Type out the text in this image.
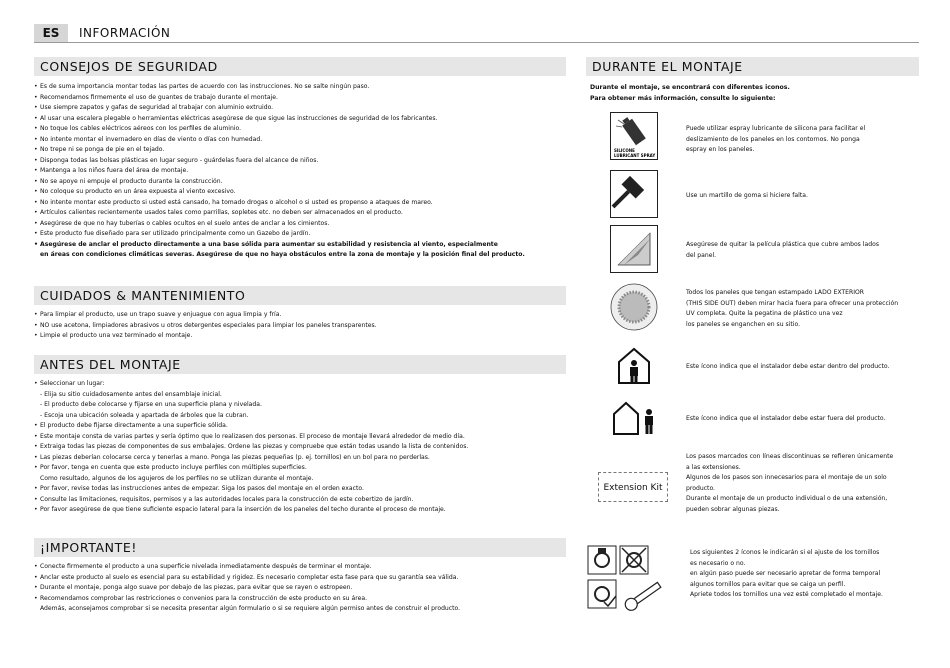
ES	INFORMACIÓN
CONSEJOS DE SEGURIDAD
• Es de suma importancia montar todas las partes de acuerdo con las instrucciones. No se salte ningún paso.
• Recomendamos firmemente el uso de guantes de trabajo durante el montaje.
• Use siempre zapatos y gafas de seguridad al trabajar con aluminio extruido.
• Al usar una escalera plegable o herramientas eléctricas asegúrese de que sigue las instrucciones de seguridad de los fabricantes.
• No toque los cables eléctricos aéreos con los perfiles de aluminio.
• No intente montar el invernadero en días de viento o días con humedad.
• No trepe ni se ponga de pie en el tejado.
• Disponga todas las bolsas plásticas en lugar seguro - guárdelas fuera del alcance de niños.
• Mantenga a los niños fuera del área de montaje.
• No se apoye ni empuje el producto durante la construcción.
• No coloque su producto en un área expuesta al viento excesivo.
• No intente montar este producto si usted está cansado, ha tomado drogas o alcohol o si usted es propenso a ataques de mareo.
• Artículos calientes recientemente usados tales como parrillas, sopletes etc. no deben ser almacenados en el producto.
• Asegúrese de que no hay tuberías o cables ocultos en el suelo antes de anclar a los cimientos.
• Este producto fue diseñado para ser utilizado principalmente como un Gazebo de jardín.
• Asegúrese de anclar el producto directamente a una base sólida para aumentar su estabilidad y resistencia al viento, especialmente
en áreas con condiciones climáticas severas. Asegúrese de que no haya obstáculos entre la zona de montaje y la posición final del producto.
CUIDADOS & MANTENIMIENTO
• Para limpiar el producto, use un trapo suave y enjuague con agua limpia y fría.
• NO use acetona, limpiadores abrasivos u otros detergentes especiales para limpiar los paneles transparentes.
• Limpie el producto una vez terminado el montaje.
ANTES DEL MONTAJE
• Seleccionar un lugar:
- Elija su sitio cuidadosamente antes del ensamblaje inicial.
- El producto debe colocarse y fijarse en una superficie plana y nivelada.
- Escoja una ubicación soleada y apartada de árboles que la cubran.
• El producto debe fijarse directamente a una superficie sólida.
• Este montaje consta de varias partes y sería óptimo que lo realizasen dos personas. El proceso de montaje llevará alrededor de medio día.
• Extraiga todas las piezas de componentes de sus embalajes. Ordene las piezas y compruebe que están todas usando la lista de contenidos.
• Las piezas deberían colocarse cerca y tenerlas a mano. Ponga las piezas pequeñas (p. ej. tornillos) en un bol para no perderlas.
• Por favor, tenga en cuenta que este producto incluye perfiles con múltiples superficies.
Como resultado, algunos de los agujeros de los perfiles no se utilizan durante el montaje.
• Por favor, revise todas las instrucciones antes de empezar. Siga los pasos del montaje en el orden exacto.
• Consulte las limitaciones, requisitos, permisos y a las autoridades locales para la construcción de este cobertizo de jardín.
• Por favor asegúrese de que tiene suficiente espacio lateral para la inserción de los paneles del techo durante el proceso de montaje.
¡IMPORTANTE!
• Conecte firmemente el producto a una superficie nivelada inmediatamente después de terminar el montaje.
• Anclar este producto al suelo es esencial para su estabilidad y rigidez. Es necesario completar esta fase para que su garantía sea válida.
• Durante el montaje, ponga algo suave por debajo de las piezas, para evitar que se rayen o estropeen.
• Recomendamos comprobar las restricciones o convenios para la construcción de este producto en su área.
Además, aconsejamos comprobar si se necesita presentar algún formulario o si se requiere algún permiso antes de construir el producto.
DURANTE EL MONTAJE
Durante el montaje, se encontrará con diferentes iconos.
Para obtener más información, consulte lo siguiente:
SILICONE
LUBRICANT SPRAY
Puede utilizar espray lubricante de silicona para facilitar el
deslizamiento de los paneles en los contornos. No ponga
espray en los paneles.
Use un martillo de goma si hiciere falta.
Asegúrese de quitar la película plástica que cubre ambos lados
del panel.
Todos los paneles que tengan estampado LADO EXTERIOR
(THIS SIDE OUT) deben mirar hacia fuera para ofrecer una protección
UV completa. Quite la pegatina de plástico una vez
los paneles se enganchen en su sitio.
Este ícono indica que el instalador debe estar dentro del producto.
Este ícono indica que el instalador debe estar fuera del producto.
Extension Kit
Los pasos marcados con líneas discontinuas se refieren únicamente
a las extensiones.
Algunos de los pasos son innecesarios para el montaje de un solo
producto.
Durante el montaje de un producto individual o de una extensión,
pueden sobrar algunas piezas.
Los siguientes 2 íconos le indicarán si el ajuste de los tornillos
es necesario o no.
en algún paso puede ser necesario apretar de forma temporal
algunos tornillos para evitar que se caiga un perfil.
Apriete todos los tornillos una vez esté completado el montaje.
